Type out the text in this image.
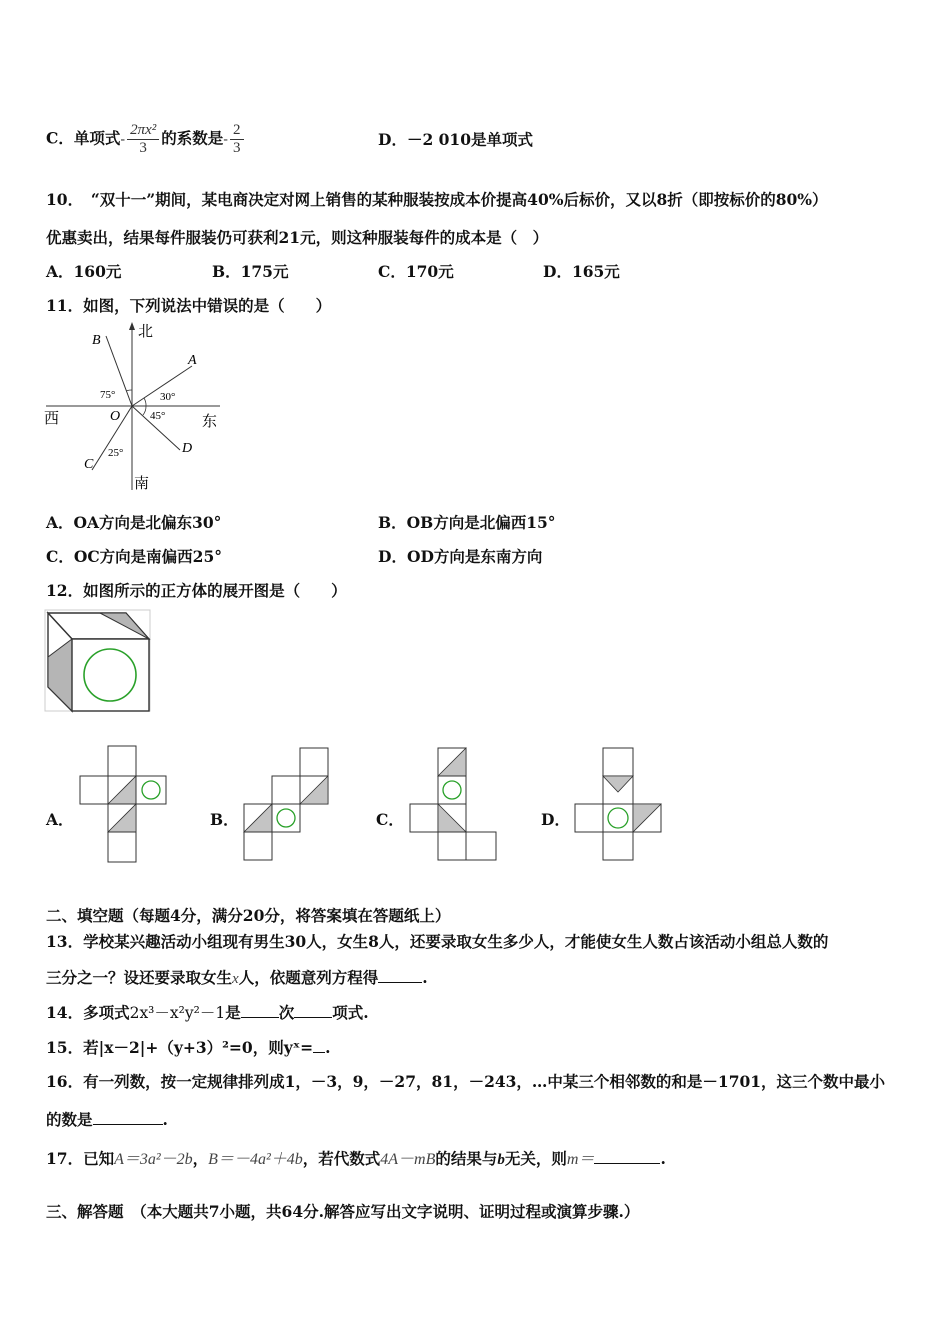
C．单项式- $\frac{\text{2πx²}}{3}$ 的系数是- $\frac{2}{3}$	D．－2 010是单项式
10．　“双十一”期间，某电商决定对网上销售的某种服装按成本价提高40%后标价，又以8折（即按标价的80%）
优惠卖出，结果每件服装仍可获利21元，则这种服装每件的成本是（　）
A．160元	B．175元	C．170元	D．165元
11．如图，下列说法中错误的是（　　）
北
南
西	东
A
B
C
D
O
75°	30°
45°
25°
A．OA方向是北偏东30°	B．OB方向是北偏西15°
C．OC方向是南偏西25°	D．OD方向是东南方向
12．如图所示的正方体的展开图是（　　）
A．	B．	C．	D．
二、填空题（每题4分，满分20分，将答案填在答题纸上）
13．学校某兴趣活动小组现有男生30人，女生8人，还要录取女生多少人，才能使女生人数占该活动小组总人数的
三分之一？设还要录取女生x人，依题意列方程得	.
14．多项式2x³－x²y²－1是 次 项式.
15．若|x－2|+（y+3）²=0，则yˣ= .
16．有一列数，按一定规律排列成1，－3，9，－27，81，－243，…中某三个相邻数的和是－1701，这三个数中最小
的数是	.
17．已知A＝3a²－2b，B＝－4a²＋4b，若代数式4A－mB的结果与b无关，则m＝	.
三、解答题　（本大题共7小题，共64分.解答应写出文字说明、证明过程或演算步骤.）
